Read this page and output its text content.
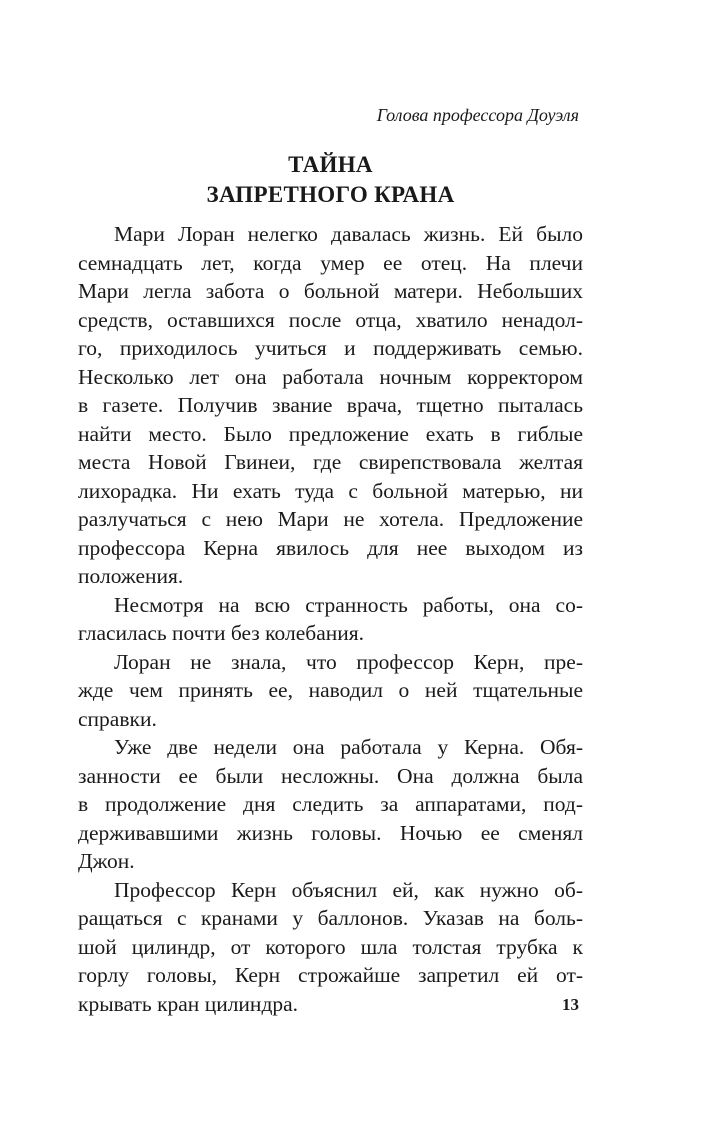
Голова профессора Доуэля
ТАЙНА
ЗАПРЕТНОГО КРАНА
Мари Лоран нелегко давалась жизнь. Ей было
семнадцать лет, когда умер ее отец. На плечи
Мари легла забота о больной матери. Небольших
средств, оставшихся после отца, хватило ненадол-
го, приходилось учиться и поддерживать семью.
Несколько лет она работала ночным корректором
в газете. Получив звание врача, тщетно пыталась
найти место. Было предложение ехать в гиблые
места Новой Гвинеи, где свирепствовала желтая
лихорадка. Ни ехать туда с больной матерью, ни
разлучаться с нею Мари не хотела. Предложение
профессора Керна явилось для нее выходом из
положения.
Несмотря на всю странность работы, она со-
гласилась почти без колебания.
Лоран не знала, что профессор Керн, пре-
жде чем принять ее, наводил о ней тщательные
справки.
Уже две недели она работала у Керна. Обя-
занности ее были несложны. Она должна была
в продолжение дня следить за аппаратами, под-
держивавшими жизнь головы. Ночью ее сменял
Джон.
Профессор Керн объяснил ей, как нужно об-
ращаться с кранами у баллонов. Указав на боль-
шой цилиндр, от которого шла толстая трубка к
горлу головы, Керн строжайше запретил ей от-
крывать кран цилиндра.	13
